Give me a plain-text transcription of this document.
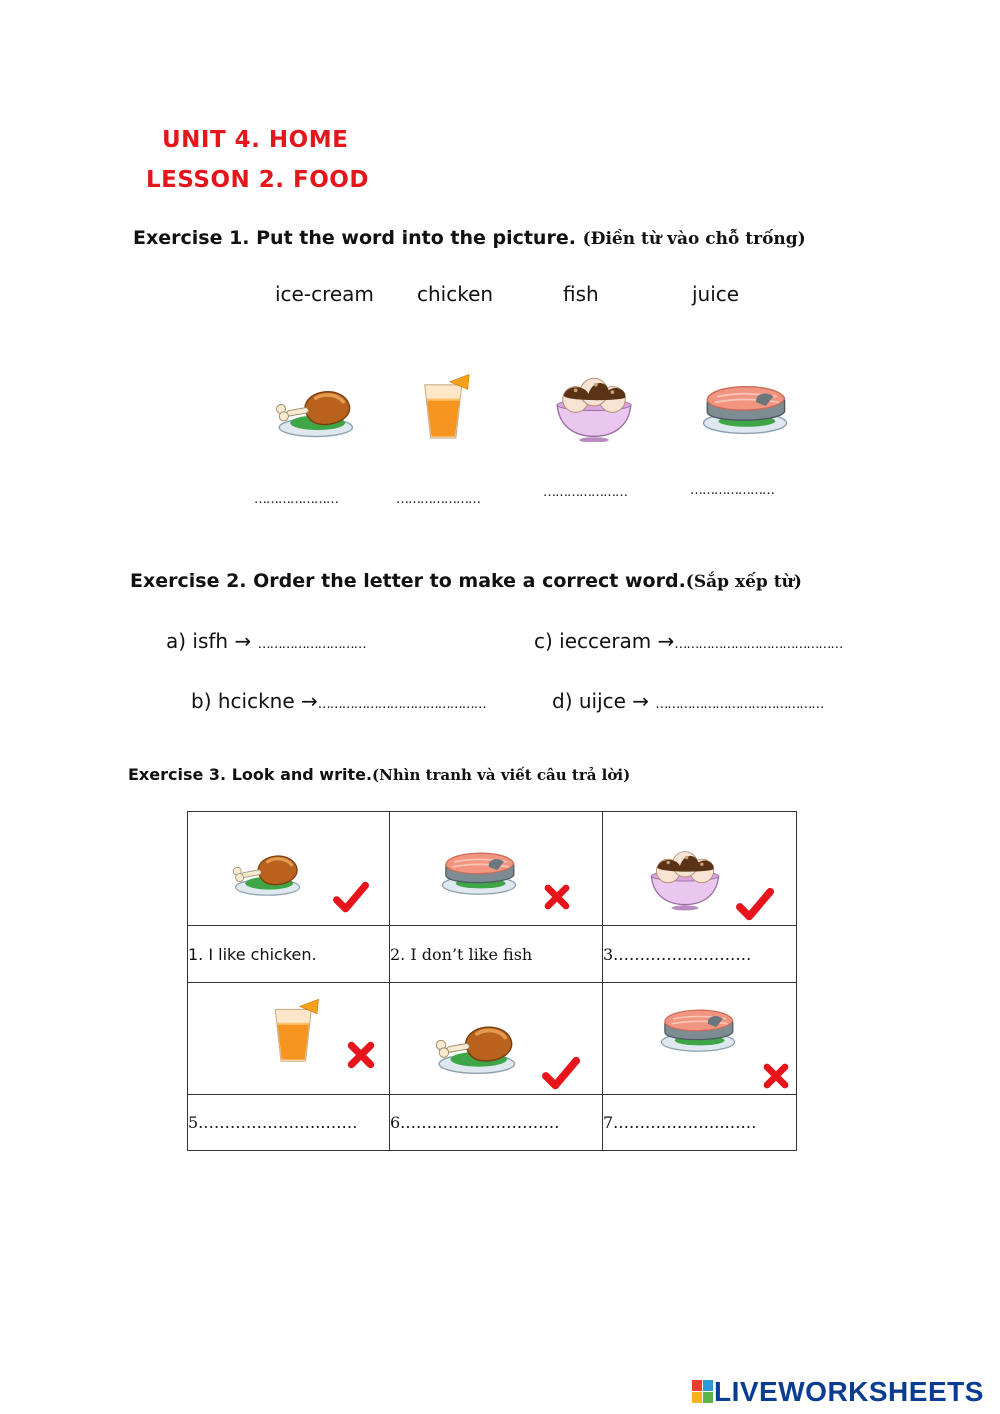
UNIT 4. HOME
LESSON 2. FOOD
Exercise 1. Put the word into the picture. (Điền từ vào chỗ trống)
ice-cream chicken	fish	juice
…………………	…………………	…………………	…………………
Exercise 2. Order the letter to make a correct word.(Sắp xếp từ)
a) isfh → ………………………	c) iecceram →……………………………………
b) hcickne →……………………………………	d) uijce → ……………………………………
Exercise 3. Look and write.(Nhìn tranh và viết câu trả lời)

1. I like chicken.	2. I don’t like fish	3.………….…………

5.…………………..……	6.…………..……………	7.………………..……
LIVEWORKSHEETS
